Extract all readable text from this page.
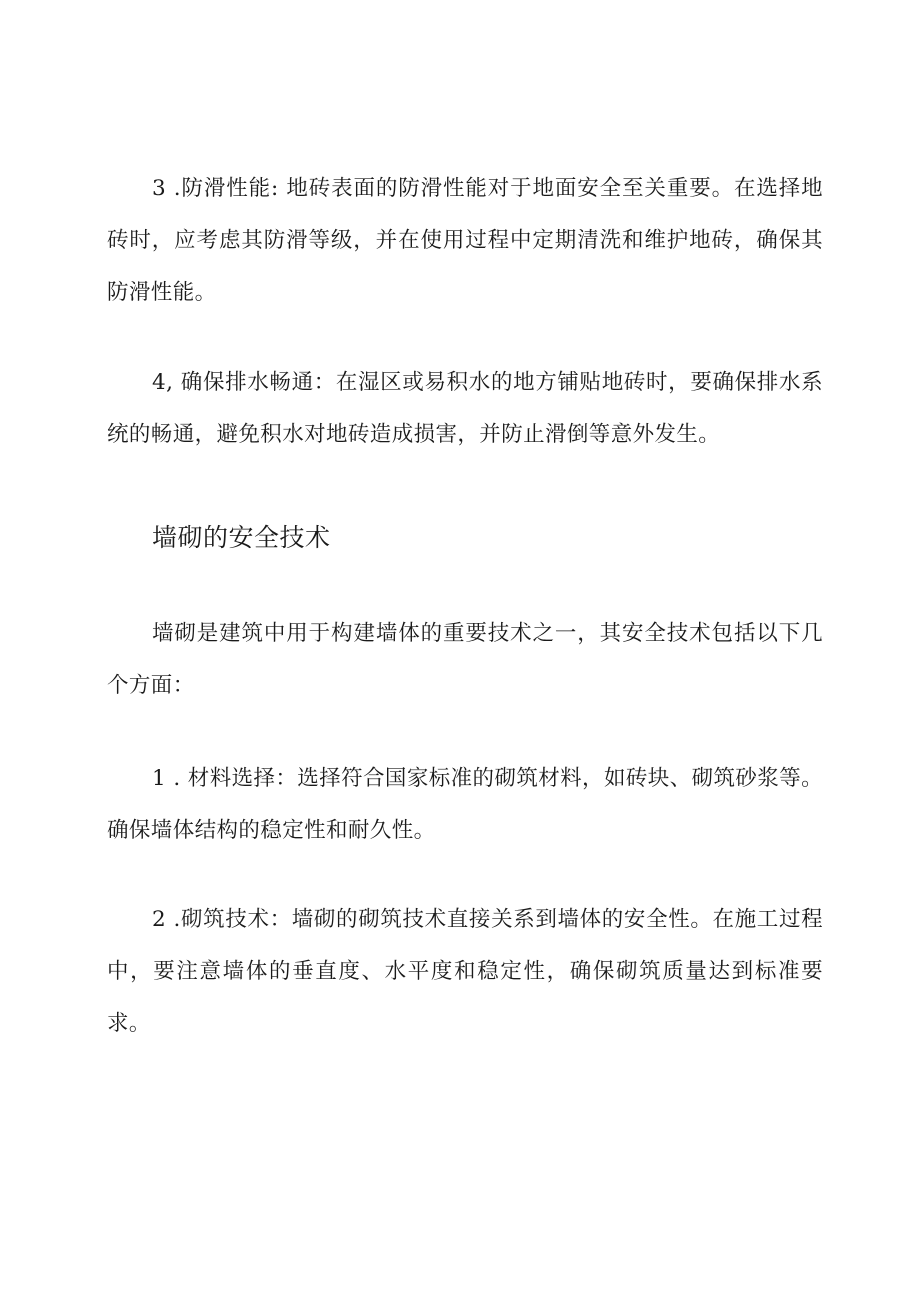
3 .防滑性能: 地砖表面的防滑性能对于地面安全至关重要。在选择地砖时，应考虑其防滑等级，并在使用过程中定期清洗和维护地砖，确保其防滑性能。

4, 确保排水畅通：在湿区或易积水的地方铺贴地砖时，要确保排水系统的畅通，避免积水对地砖造成损害，并防止滑倒等意外发生。

墙砌的安全技术

墙砌是建筑中用于构建墙体的重要技术之一，其安全技术包括以下几个方面：

1 . 材料选择：选择符合国家标准的砌筑材料，如砖块、砌筑砂浆等。确保墙体结构的稳定性和耐久性。

2 .砌筑技术：墙砌的砌筑技术直接关系到墙体的安全性。在施工过程中，要注意墙体的垂直度、水平度和稳定性，确保砌筑质量达到标准要求。
